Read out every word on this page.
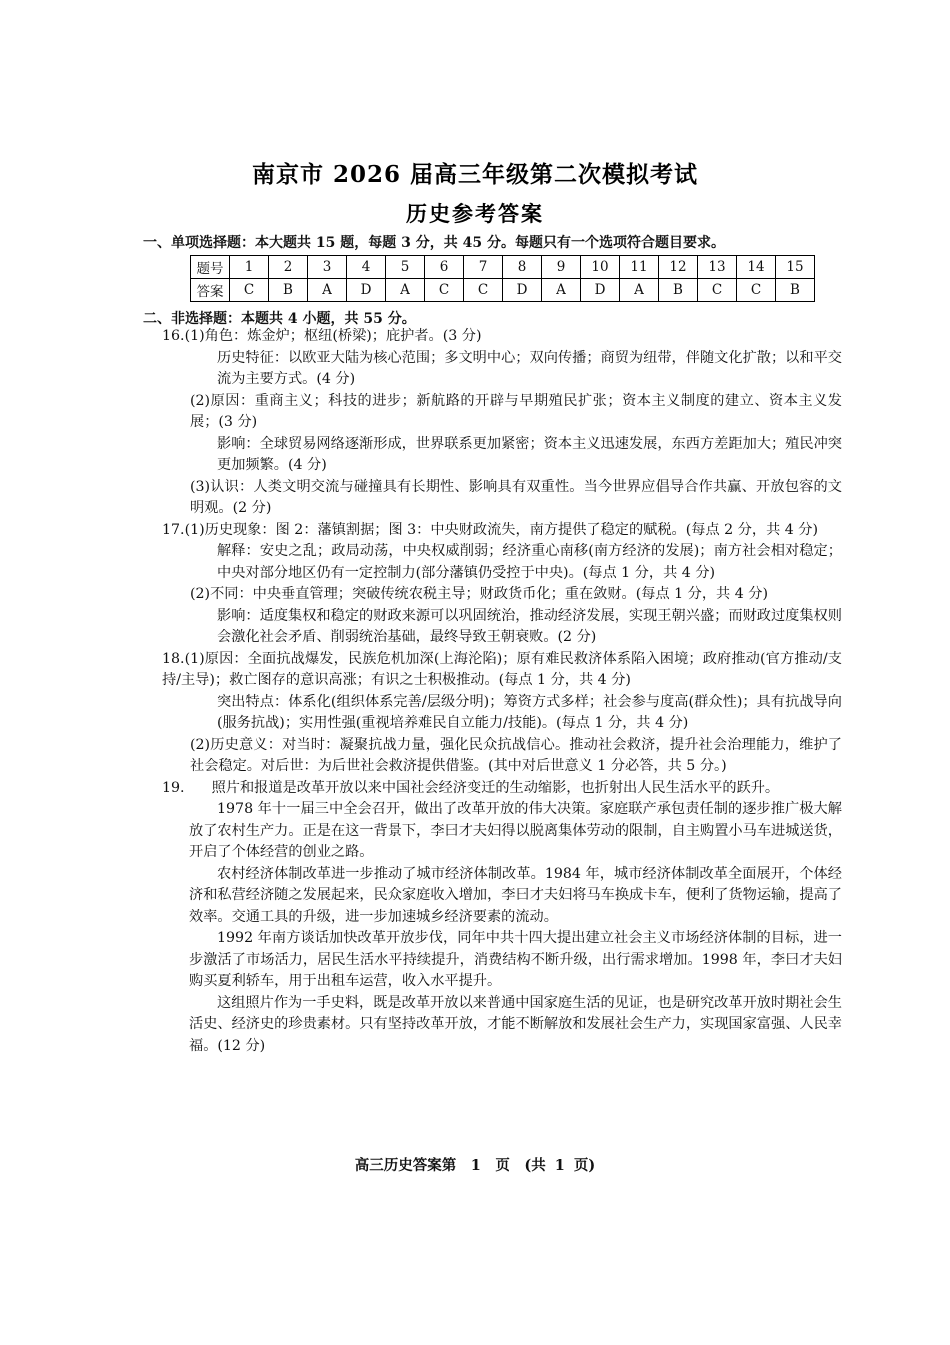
南京市 2026 届高三年级第二次模拟考试
历史参考答案
一、单项选择题：本大题共 15 题，每题 3 分，共 45 分。每题只有一个选项符合题目要求。
题号	1	2	3	4	5	6	7	8	9	10	11	12	13	14	15
答案	C	B	A	D	A	C	C	D	A	D	A	B	C	C	B
二、非选择题：本题共 4 小题，共 55 分。

16.(1)角色：炼金炉；枢纽(桥梁)；庇护者。(3 分)

历史特征：以欧亚大陆为核心范围；多文明中心；双向传播；商贸为纽带，伴随文化扩散；以和平交流为主要方式。(4 分)

(2)原因：重商主义；科技的进步；新航路的开辟与早期殖民扩张；资本主义制度的建立、资本主义发展；(3 分)

影响：全球贸易网络逐渐形成，世界联系更加紧密；资本主义迅速发展，东西方差距加大；殖民冲突更加频繁。(4 分)

(3)认识：人类文明交流与碰撞具有长期性、影响具有双重性。当今世界应倡导合作共赢、开放包容的文明观。(2 分)

17.(1)历史现象：图 2：藩镇割据；图 3：中央财政流失，南方提供了稳定的赋税。(每点 2 分，共 4 分)

解释：安史之乱；政局动荡，中央权威削弱；经济重心南移(南方经济的发展)；南方社会相对稳定；中央对部分地区仍有一定控制力(部分藩镇仍受控于中央)。(每点 1 分，共 4 分)

(2)不同：中央垂直管理；突破传统农税主导；财政货币化；重在敛财。(每点 1 分，共 4 分)

影响：适度集权和稳定的财政来源可以巩固统治，推动经济发展，实现王朝兴盛；而财政过度集权则会激化社会矛盾、削弱统治基础，最终导致王朝衰败。(2 分)

18.(1)原因：全面抗战爆发，民族危机加深(上海沦陷)；原有难民救济体系陷入困境；政府推动(官方推动/支持/主导)；救亡图存的意识高涨；有识之士积极推动。(每点 1 分，共 4 分)

突出特点：体系化(组织体系完善/层级分明)；筹资方式多样；社会参与度高(群众性)；具有抗战导向(服务抗战)；实用性强(重视培养难民自立能力/技能)。(每点 1 分，共 4 分)

(2)历史意义：对当时：凝聚抗战力量，强化民众抗战信心。推动社会救济，提升社会治理能力，维护了社会稳定。对后世：为后世社会救济提供借鉴。(其中对后世意义 1 分必答，共 5 分。)

19.      照片和报道是改革开放以来中国社会经济变迁的生动缩影，也折射出人民生活水平的跃升。

1978 年十一届三中全会召开，做出了改革开放的伟大决策。家庭联产承包责任制的逐步推广极大解放了农村生产力。正是在这一背景下，李曰才夫妇得以脱离集体劳动的限制，自主购置小马车进城送货，开启了个体经营的创业之路。

农村经济体制改革进一步推动了城市经济体制改革。1984 年，城市经济体制改革全面展开，个体经济和私营经济随之发展起来，民众家庭收入增加，李曰才夫妇将马车换成卡车，便利了货物运输，提高了效率。交通工具的升级，进一步加速城乡经济要素的流动。

1992 年南方谈话加快改革开放步伐，同年中共十四大提出建立社会主义市场经济体制的目标，进一步激活了市场活力，居民生活水平持续提升，消费结构不断升级，出行需求增加。1998 年，李曰才夫妇购买夏利轿车，用于出租车运营，收入水平提升。

这组照片作为一手史料，既是改革开放以来普通中国家庭生活的见证，也是研究改革开放时期社会生活史、经济史的珍贵素材。只有坚持改革开放，才能不断解放和发展社会生产力，实现国家富强、人民幸福。(12 分)

高三历史答案第　1　页　(共 1 页)
